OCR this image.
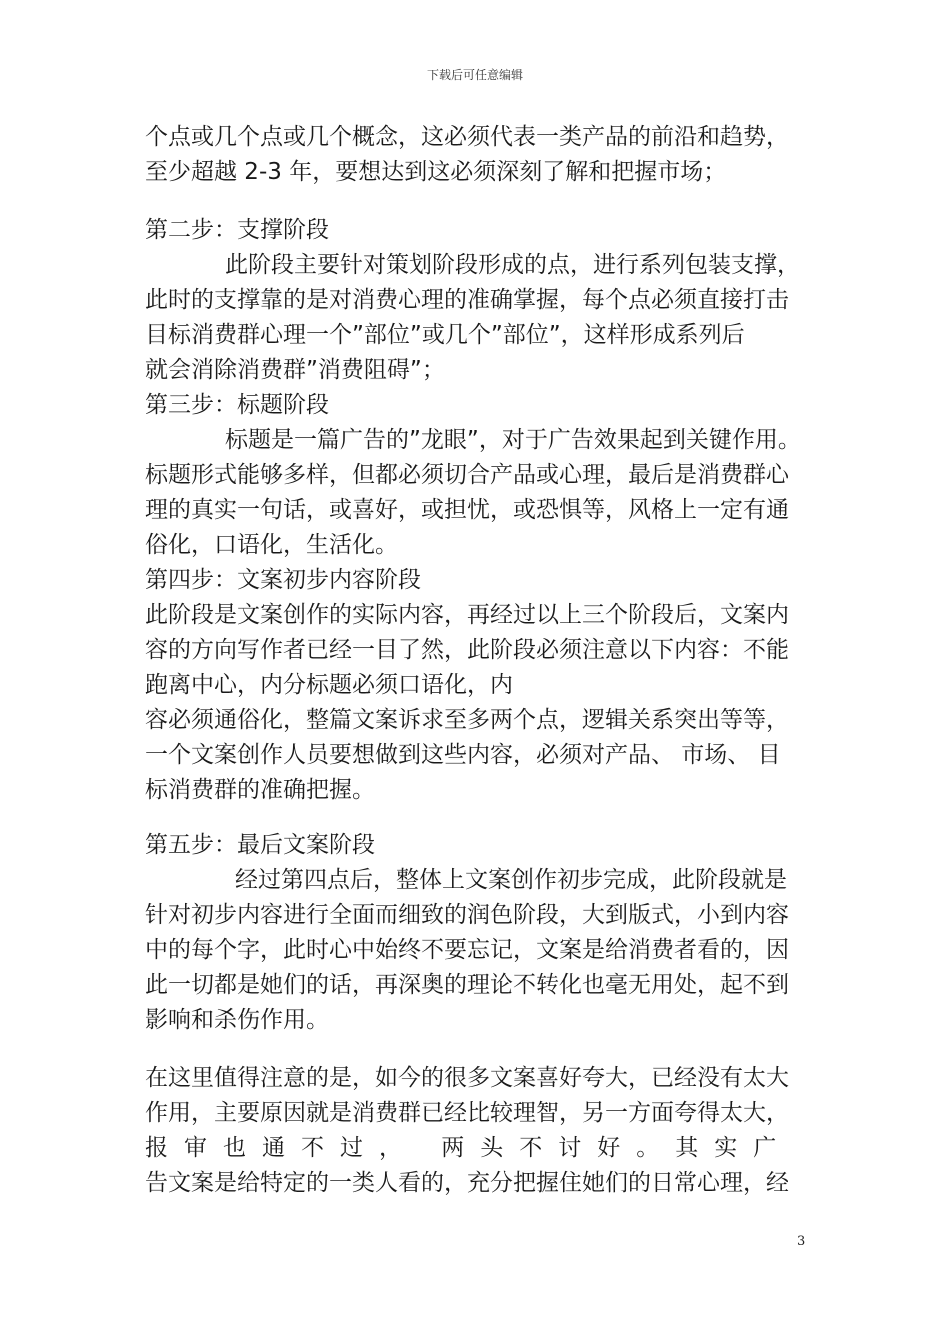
下载后可任意编辑
个点或几个点或几个概念，这必须代表一类产品的前沿和趋势，
至少超越 2-3 年，要想达到这必须深刻了解和把握市场；
第二步：支撑阶段
此阶段主要针对策划阶段形成的点，进行系列包装支撑，
此时的支撑靠的是对消费心理的准确掌握，每个点必须直接打击
目标消费群心理一个”部位”或几个”部位”，这样形成系列后
就会消除消费群”消费阻碍”；
第三步：标题阶段
标题是一篇广告的”龙眼”，对于广告效果起到关键作用。
标题形式能够多样，但都必须切合产品或心理，最后是消费群心
理的真实一句话，或喜好，或担忧，或恐惧等，风格上一定有通
俗化，口语化，生活化。
第四步：文案初步内容阶段
此阶段是文案创作的实际内容，再经过以上三个阶段后，文案内
容的方向写作者已经一目了然，此阶段必须注意以下内容：不能
跑离中心，内分标题必须口语化，内
容必须通俗化，整篇文案诉求至多两个点，逻辑关系突出等等，
一个文案创作人员要想做到这些内容，必须对产品、 市场、 目
标消费群的准确把握。
第五步：最后文案阶段
经过第四点后，整体上文案创作初步完成，此阶段就是
针对初步内容进行全面而细致的润色阶段，大到版式，小到内容
中的每个字，此时心中始终不要忘记，文案是给消费者看的，因
此一切都是她们的话，再深奥的理论不转化也毫无用处，起不到
影响和杀伤作用。
在这里值得注意的是，如今的很多文案喜好夸大，已经没有太大
作用，主要原因就是消费群已经比较理智，另一方面夸得太大，
报审也通不过， 两头不讨好。其实广
告文案是给特定的一类人看的，充分把握住她们的日常心理，经
3
